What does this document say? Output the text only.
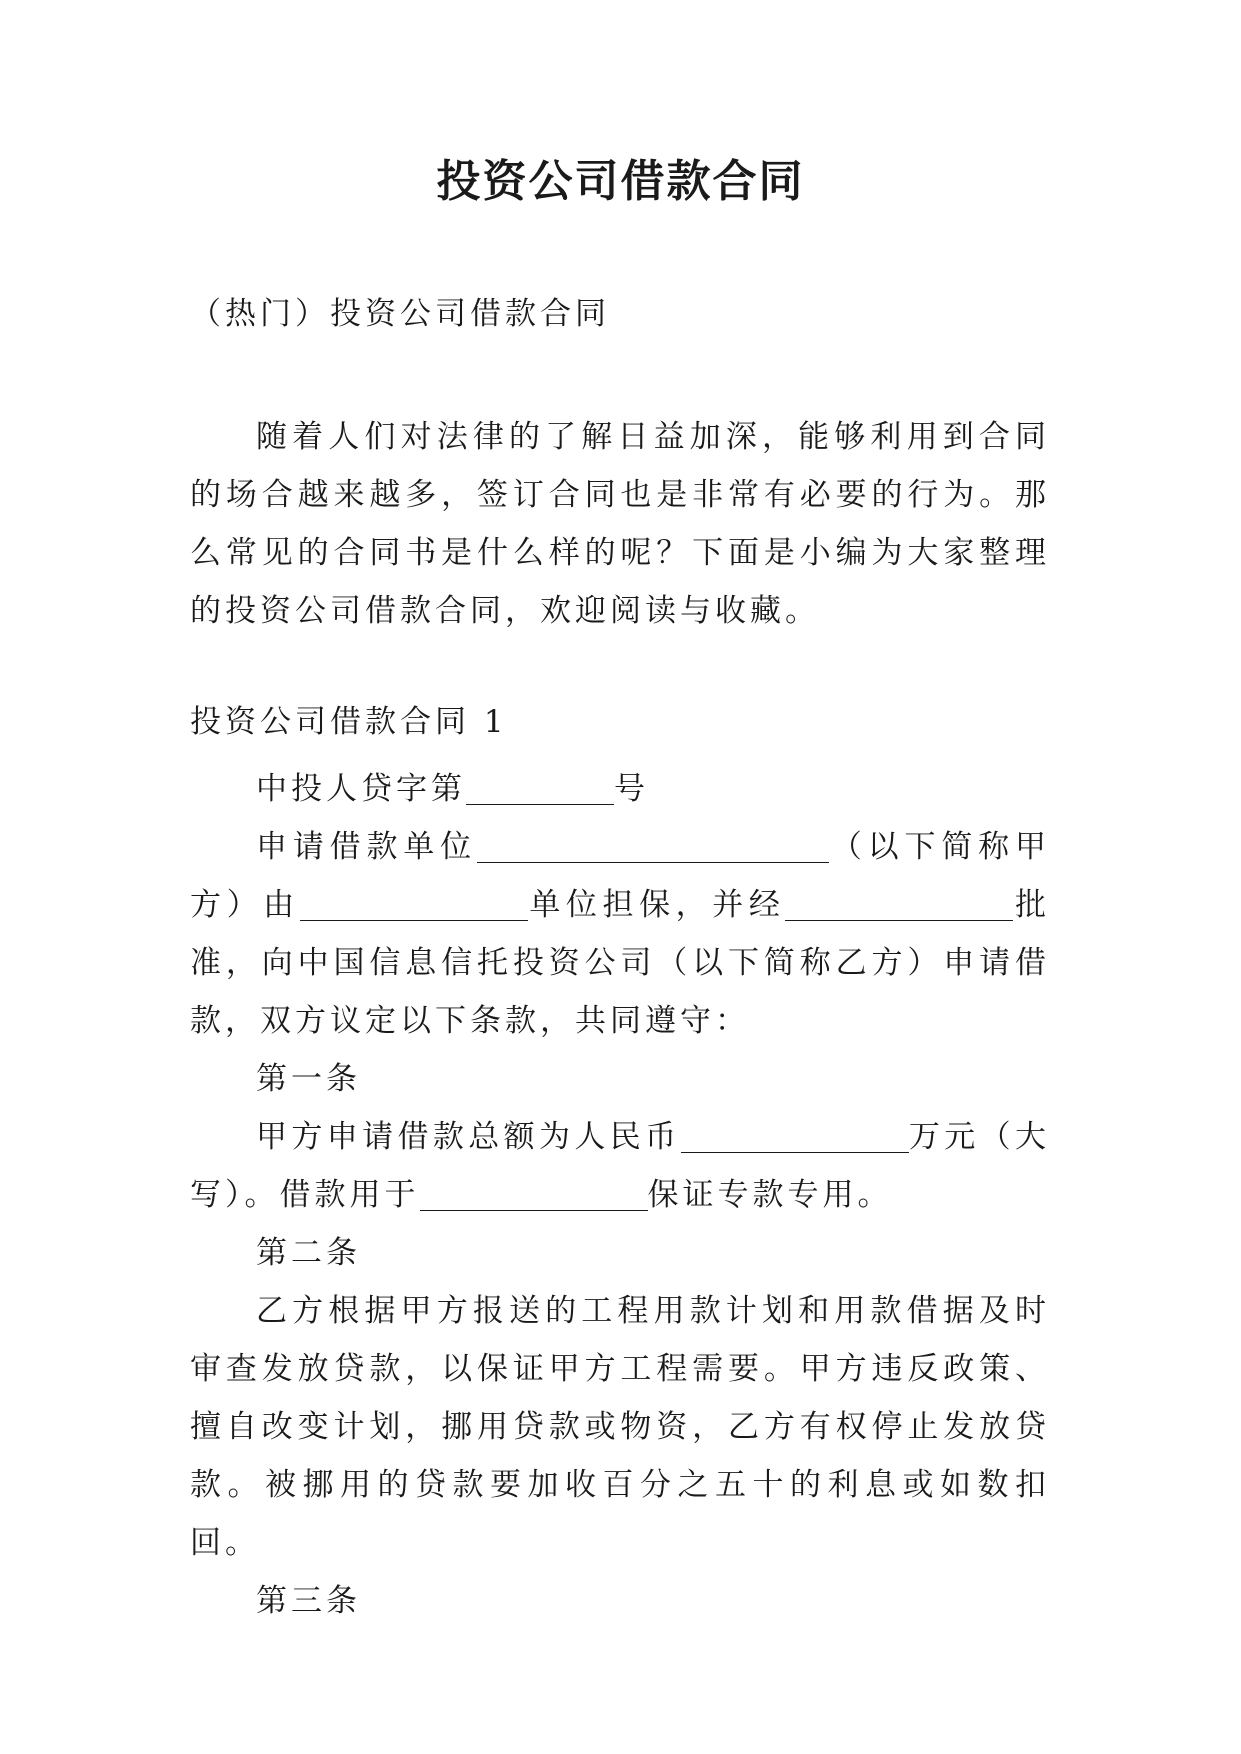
投资公司借款合同
（热门）投资公司借款合同

随着人们对法律的了解日益加深，能够利用到合同的场合越来越多，签订合同也是非常有必要的行为。那么常见的合同书是什么样的呢？下面是小编为大家整理的投资公司借款合同，欢迎阅读与收藏。

投资公司借款合同 1

中投人贷字第	号

申请借款单位	（以下简称甲方）由	单位担保，并经	批准，向中国信息信托投资公司（以下简称乙方）申请借款，双方议定以下条款，共同遵守：

第一条

甲方申请借款总额为人民币	万元（大写）。借款用于	保证专款专用。

第二条

乙方根据甲方报送的工程用款计划和用款借据及时审查发放贷款，以保证甲方工程需要。甲方违反政策、擅自改变计划，挪用贷款或物资，乙方有权停止发放贷款。被挪用的贷款要加收百分之五十的利息或如数扣回。

第三条
